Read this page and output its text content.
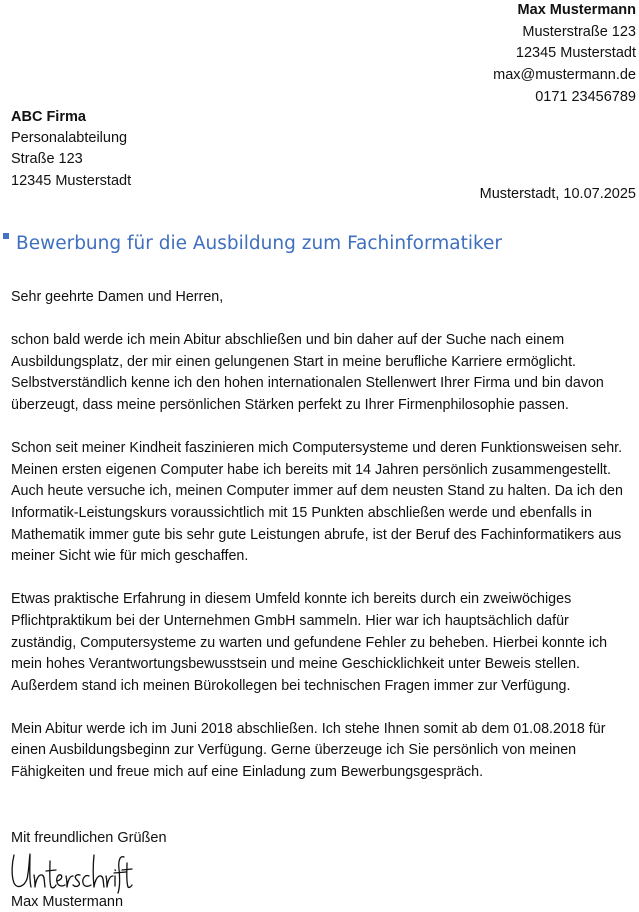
Max Mustermann
Musterstraße 123
12345 Musterstadt
max@mustermann.de
0171 23456789
ABC Firma
Personalabteilung
Straße 123
12345 Musterstadt
Musterstadt, 10.07.2025
Bewerbung für die Ausbildung zum Fachinformatiker

Sehr geehrte Damen und Herren,

schon bald werde ich mein Abitur abschließen und bin daher auf der Suche nach einem Ausbildungsplatz, der mir einen gelungenen Start in meine berufliche Karriere ermöglicht. Selbstverständlich kenne ich den hohen internationalen Stellenwert Ihrer Firma und bin davon überzeugt, dass meine persönlichen Stärken perfekt zu Ihrer Firmenphilosophie passen.

Schon seit meiner Kindheit faszinieren mich Computersysteme und deren Funktionsweisen sehr. Meinen ersten eigenen Computer habe ich bereits mit 14 Jahren persönlich zusammengestellt. Auch heute versuche ich, meinen Computer immer auf dem neusten Stand zu halten. Da ich den Informatik-Leistungskurs voraussichtlich mit 15 Punkten abschließen werde und ebenfalls in Mathematik immer gute bis sehr gute Leistungen abrufe, ist der Beruf des Fachinformatikers aus meiner Sicht wie für mich geschaffen.

Etwas praktische Erfahrung in diesem Umfeld konnte ich bereits durch ein zweiwöchiges Pflichtpraktikum bei der Unternehmen GmbH sammeln. Hier war ich hauptsächlich dafür zuständig, Computersysteme zu warten und gefundene Fehler zu beheben. Hierbei konnte ich mein hohes Verantwortungsbewusstsein und meine Geschicklichkeit unter Beweis stellen. Außerdem stand ich meinen Bürokollegen bei technischen Fragen immer zur Verfügung.

Mein Abitur werde ich im Juni 2018 abschließen. Ich stehe Ihnen somit ab dem 01.08.2018 für einen Ausbildungsbeginn zur Verfügung. Gerne überzeuge ich Sie persönlich von meinen Fähigkeiten und freue mich auf eine Einladung zum Bewerbungsgespräch.

Mit freundlichen Grüßen
Max Mustermann
